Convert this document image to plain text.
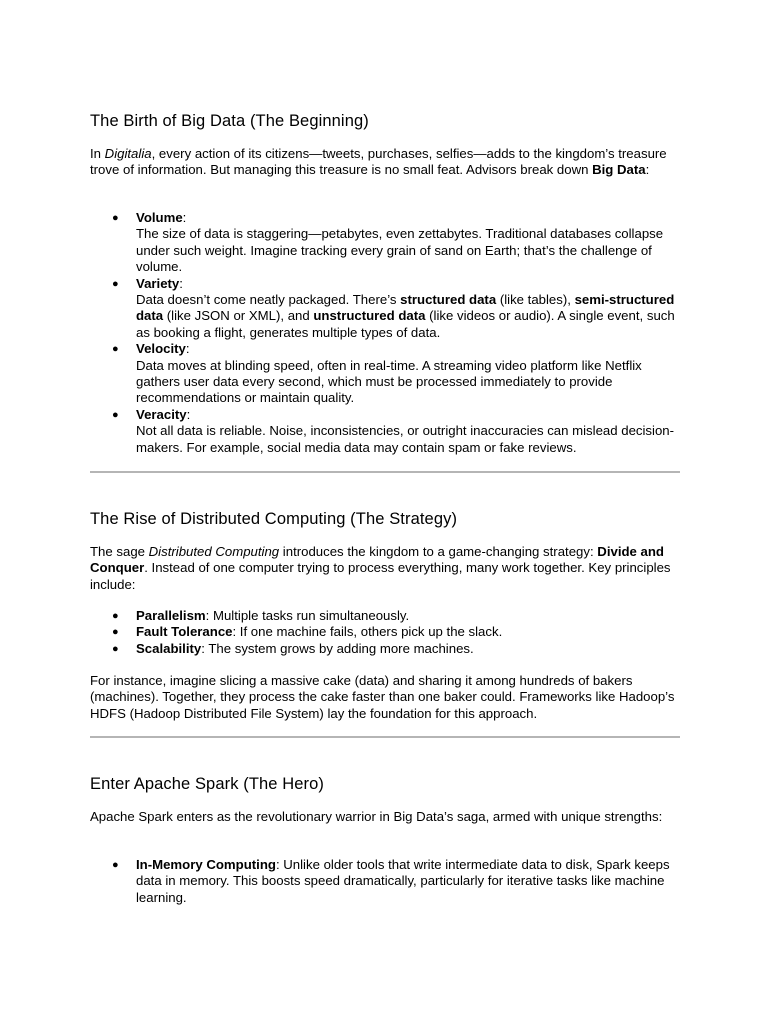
The Birth of Big Data (The Beginning)

In Digitalia, every action of its citizens—tweets, purchases, selfies—adds to the kingdom’s treasure trove of information. But managing this treasure is no small feat. Advisors break down Big Data:

● Volume:
The size of data is staggering—petabytes, even zettabytes. Traditional databases collapse under such weight. Imagine tracking every grain of sand on Earth; that’s the challenge of volume.
● Variety:
Data doesn’t come neatly packaged. There’s structured data (like tables), semi-structured data (like JSON or XML), and unstructured data (like videos or audio). A single event, such as booking a flight, generates multiple types of data.
● Velocity:
Data moves at blinding speed, often in real-time. A streaming video platform like Netflix gathers user data every second, which must be processed immediately to provide recommendations or maintain quality.
● Veracity:
Not all data is reliable. Noise, inconsistencies, or outright inaccuracies can mislead decision-makers. For example, social media data may contain spam or fake reviews.
The Rise of Distributed Computing (The Strategy)

The sage Distributed Computing introduces the kingdom to a game-changing strategy: Divide and Conquer. Instead of one computer trying to process everything, many work together. Key principles include:

● Parallelism: Multiple tasks run simultaneously.
● Fault Tolerance: If one machine fails, others pick up the slack.
● Scalability: The system grows by adding more machines.

For instance, imagine slicing a massive cake (data) and sharing it among hundreds of bakers (machines). Together, they process the cake faster than one baker could. Frameworks like Hadoop’s HDFS (Hadoop Distributed File System) lay the foundation for this approach.

Enter Apache Spark (The Hero)

Apache Spark enters as the revolutionary warrior in Big Data’s saga, armed with unique strengths:

● In-Memory Computing: Unlike older tools that write intermediate data to disk, Spark keeps data in memory. This boosts speed dramatically, particularly for iterative tasks like machine learning.
